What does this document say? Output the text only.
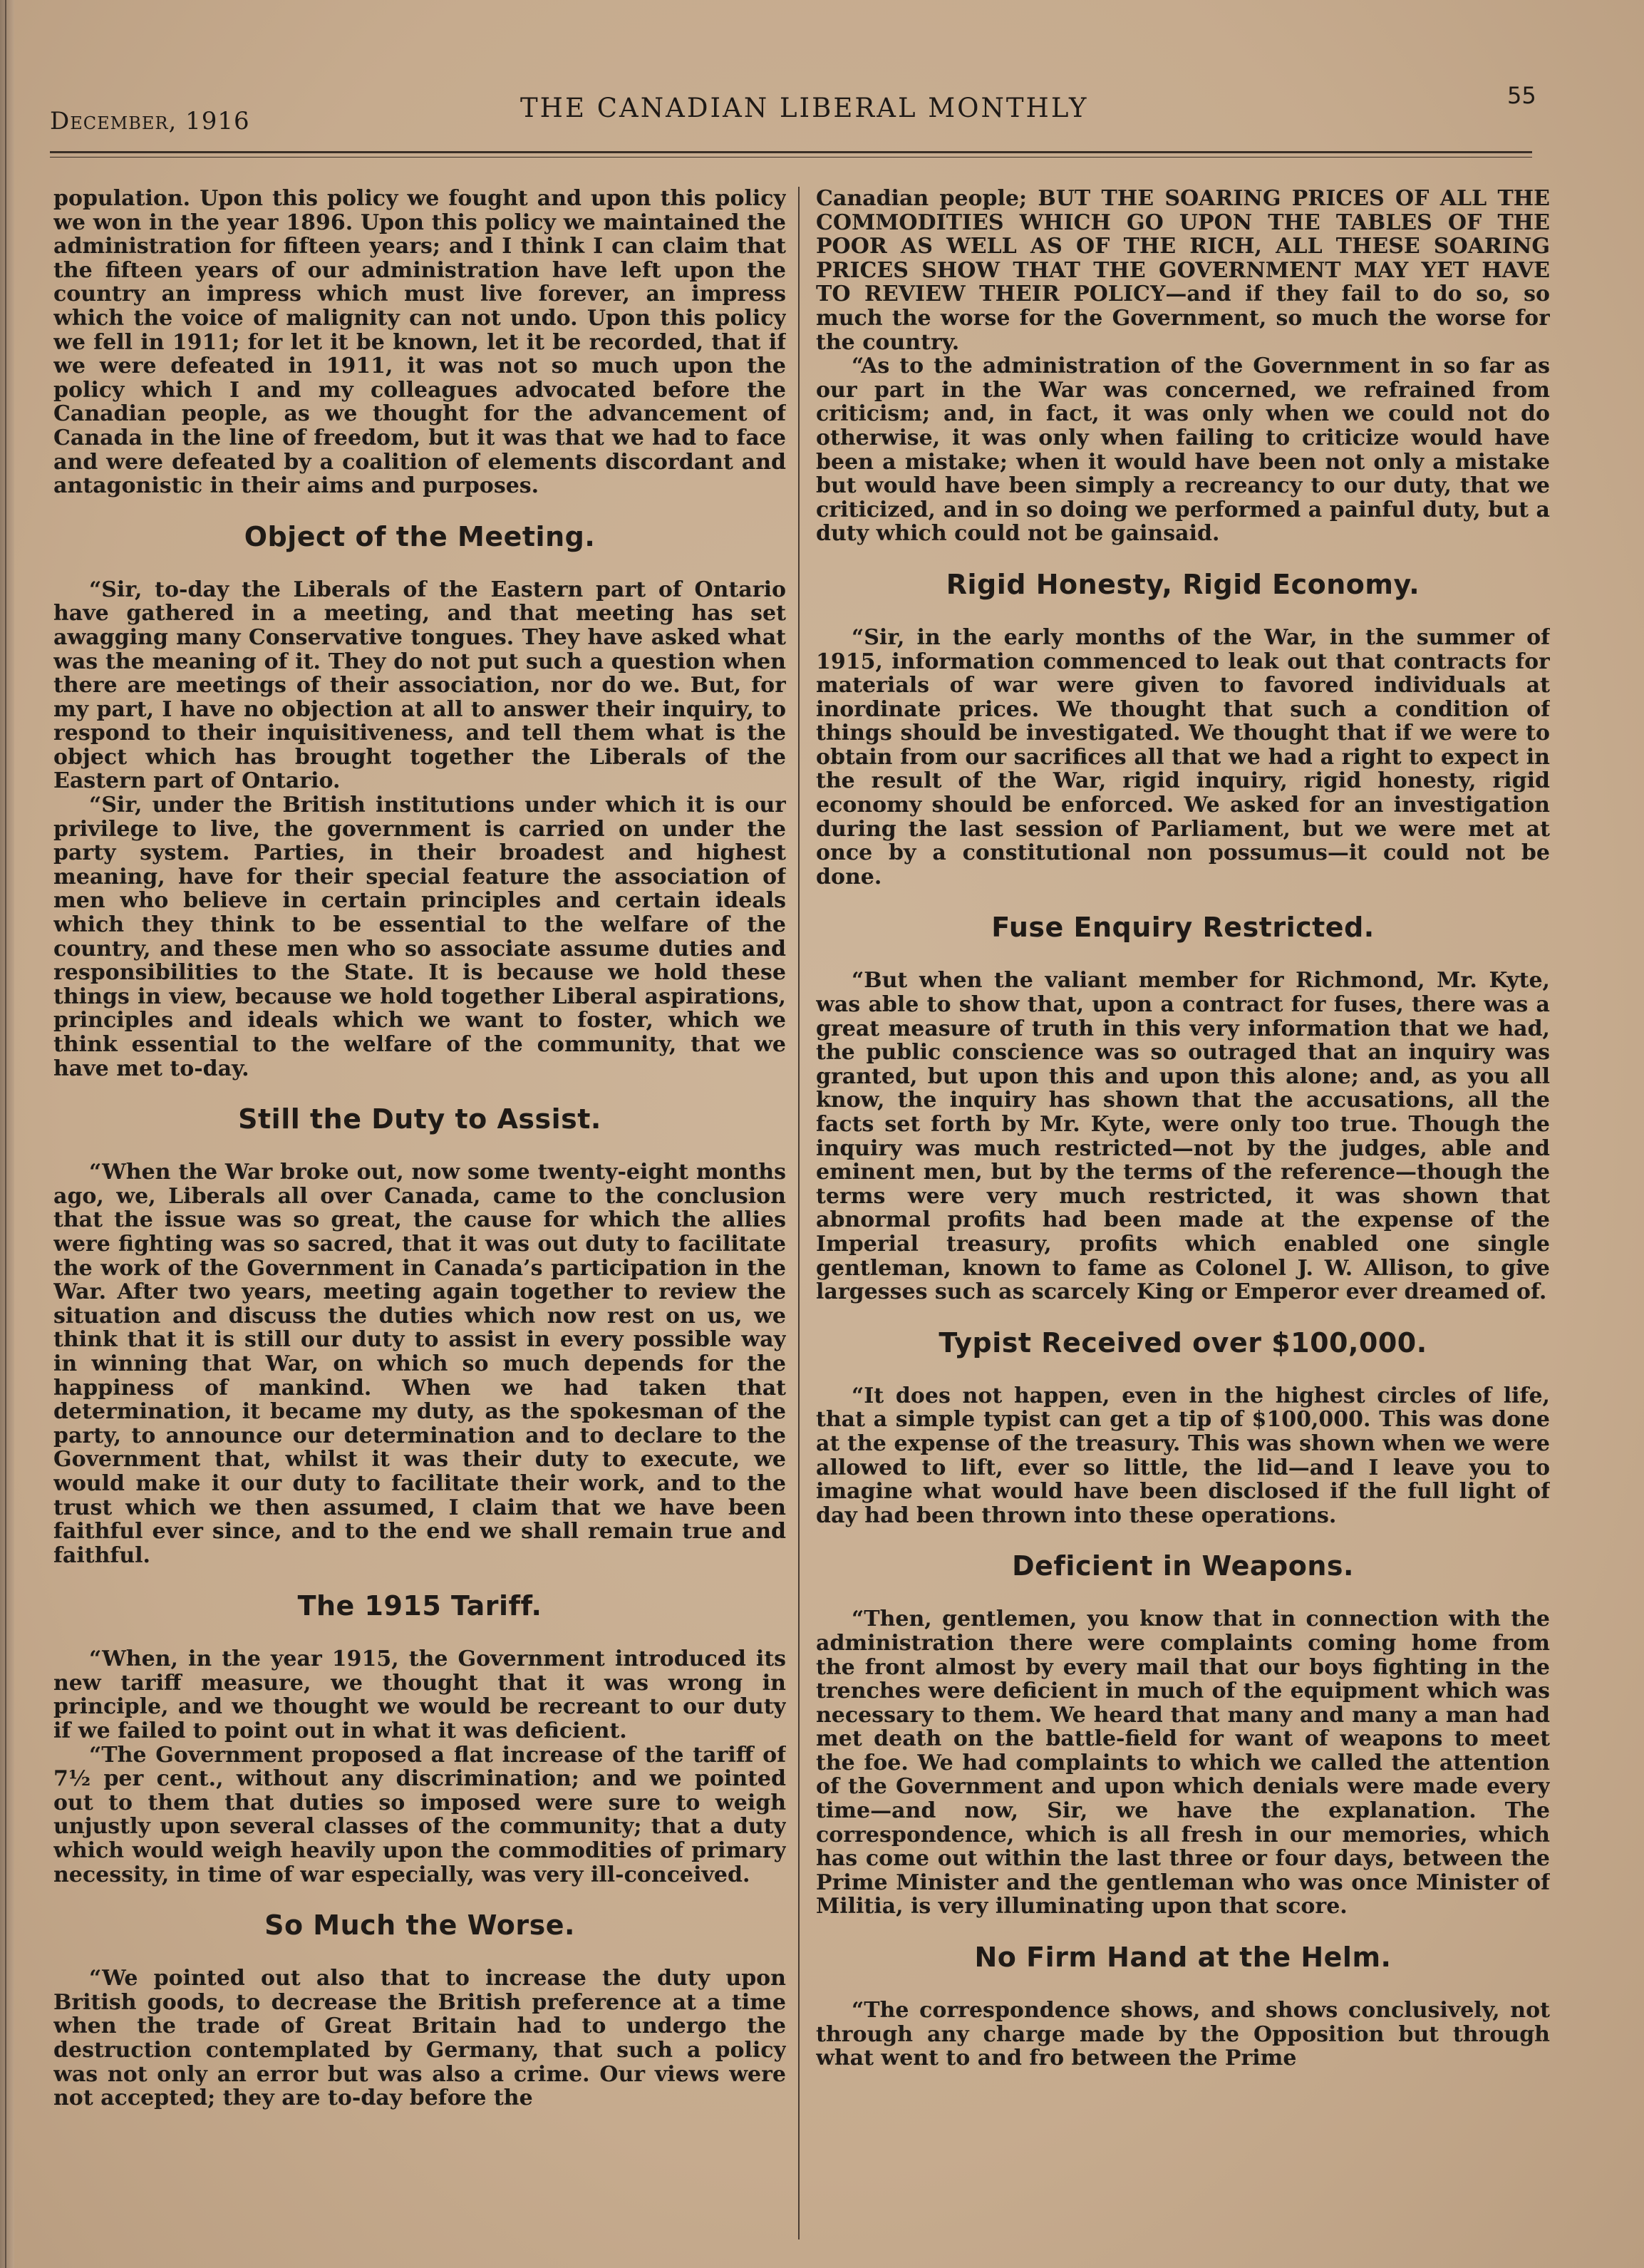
December, 1916	THE CANADIAN LIBERAL MONTHLY	55

population. Upon this policy we fought and upon this policy we won in the year 1896. Upon this policy we maintained the administration for fifteen years; and I think I can claim that the fifteen years of our administration have left upon the country an impress which must live forever, an impress which the voice of malignity can not undo. Upon this policy we fell in 1911; for let it be known, let it be recorded, that if we were defeated in 1911, it was not so much upon the policy which I and my colleagues advocated before the Canadian people, as we thought for the advancement of Canada in the line of freedom, but it was that we had to face and were defeated by a coalition of elements discordant and antagonistic in their aims and purposes.

Object of the Meeting.

“Sir, to-day the Liberals of the Eastern part of Ontario have gathered in a meeting, and that meeting has set awagging many Conservative tongues. They have asked what was the meaning of it. They do not put such a question when there are meetings of their association, nor do we. But, for my part, I have no objection at all to answer their inquiry, to respond to their inquisitiveness, and tell them what is the object which has brought together the Liberals of the Eastern part of Ontario.

“Sir, under the British institutions under which it is our privilege to live, the government is carried on under the party system. Parties, in their broadest and highest meaning, have for their special feature the association of men who believe in certain principles and certain ideals which they think to be essential to the welfare of the country, and these men who so associate assume duties and responsibilities to the State. It is because we hold these things in view, because we hold together Liberal aspirations, principles and ideals which we want to foster, which we think essential to the welfare of the community, that we have met to-day.

Still the Duty to Assist.

“When the War broke out, now some twenty-eight months ago, we, Liberals all over Canada, came to the conclusion that the issue was so great, the cause for which the allies were fighting was so sacred, that it was out duty to facilitate the work of the Government in Canada’s participation in the War. After two years, meeting again together to review the situation and discuss the duties which now rest on us, we think that it is still our duty to assist in every possible way in winning that War, on which so much depends for the happiness of mankind. When we had taken that determination, it became my duty, as the spokesman of the party, to announce our determination and to declare to the Government that, whilst it was their duty to execute, we would make it our duty to facilitate their work, and to the trust which we then assumed, I claim that we have been faithful ever since, and to the end we shall remain true and faithful.

The 1915 Tariff.

“When, in the year 1915, the Government introduced its new tariff measure, we thought that it was wrong in principle, and we thought we would be recreant to our duty if we failed to point out in what it was deficient.

“The Government proposed a flat increase of the tariff of 7½ per cent., without any discrimination; and we pointed out to them that duties so imposed were sure to weigh unjustly upon several classes of the community; that a duty which would weigh heavily upon the commodities of primary necessity, in time of war especially, was very ill-conceived.

So Much the Worse.

“We pointed out also that to increase the duty upon British goods, to decrease the British preference at a time when the trade of Great Britain had to undergo the destruction contemplated by Germany, that such a policy was not only an error but was also a crime. Our views were not accepted; they are to-day before the

Canadian people; BUT THE SOARING PRICES OF ALL THE COMMODITIES WHICH GO UPON THE TABLES OF THE POOR AS WELL AS OF THE RICH, ALL THESE SOARING PRICES SHOW THAT THE GOVERNMENT MAY YET HAVE TO REVIEW THEIR POLICY—and if they fail to do so, so much the worse for the Government, so much the worse for the country.

“As to the administration of the Government in so far as our part in the War was concerned, we refrained from criticism; and, in fact, it was only when we could not do otherwise, it was only when failing to criticize would have been a mistake; when it would have been not only a mistake but would have been simply a recreancy to our duty, that we criticized, and in so doing we performed a painful duty, but a duty which could not be gainsaid.

Rigid Honesty, Rigid Economy.

“Sir, in the early months of the War, in the summer of 1915, information commenced to leak out that contracts for materials of war were given to favored individuals at inordinate prices. We thought that such a condition of things should be investigated. We thought that if we were to obtain from our sacrifices all that we had a right to expect in the result of the War, rigid inquiry, rigid honesty, rigid economy should be enforced. We asked for an investigation during the last session of Parliament, but we were met at once by a constitutional non possumus—it could not be done.

Fuse Enquiry Restricted.

“But when the valiant member for Richmond, Mr. Kyte, was able to show that, upon a contract for fuses, there was a great measure of truth in this very information that we had, the public conscience was so outraged that an inquiry was granted, but upon this and upon this alone; and, as you all know, the inquiry has shown that the accusations, all the facts set forth by Mr. Kyte, were only too true. Though the inquiry was much restricted—not by the judges, able and eminent men, but by the terms of the reference—though the terms were very much restricted, it was shown that abnormal profits had been made at the expense of the Imperial treasury, profits which enabled one single gentleman, known to fame as Colonel J. W. Allison, to give largesses such as scarcely King or Emperor ever dreamed of.

Typist Received over $100,000.

“It does not happen, even in the highest circles of life, that a simple typist can get a tip of $100,000. This was done at the expense of the treasury. This was shown when we were allowed to lift, ever so little, the lid—and I leave you to imagine what would have been disclosed if the full light of day had been thrown into these operations.

Deficient in Weapons.

“Then, gentlemen, you know that in connection with the administration there were complaints coming home from the front almost by every mail that our boys fighting in the trenches were deficient in much of the equipment which was necessary to them. We heard that many and many a man had met death on the battle-field for want of weapons to meet the foe. We had complaints to which we called the attention of the Government and upon which denials were made every time—and now, Sir, we have the explanation. The correspondence, which is all fresh in our memories, which has come out within the last three or four days, between the Prime Minister and the gentleman who was once Minister of Militia, is very illuminating upon that score.

No Firm Hand at the Helm.

“The correspondence shows, and shows conclusively, not through any charge made by the Opposition but through what went to and fro between the Prime
